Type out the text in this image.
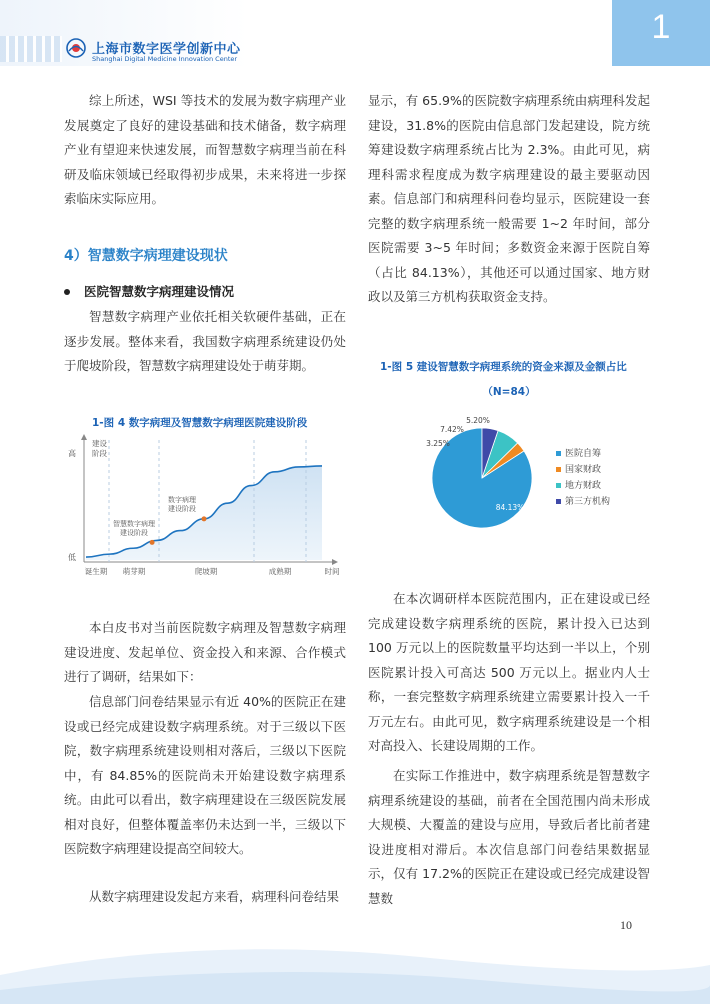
上海市数字医学创新中心
Shanghai Digital Medicine Innovation Center
1

综上所述，WSI 等技术的发展为数字病理产业发展奠定了良好的建设基础和技术储备，数字病理产业有望迎来快速发展，而智慧数字病理当前在科研及临床领域已经取得初步成果，未来将进一步探索临床实际应用。

4）智慧数字病理建设现状
医院智慧数字病理建设情况

智慧数字病理产业依托相关软硬件基础，正在逐步发展。整体来看，我国数字病理系统建设仍处于爬坡阶段，智慧数字病理建设处于萌芽期。

1-图 4 数字病理及智慧数字病理医院建设阶段
高
低
建设阶段
诞生期 萌芽期	爬坡期	成熟期	时间
数字病理建设阶段
智慧数字病理建设阶段

本白皮书对当前医院数字病理及智慧数字病理建设进度、发起单位、资金投入和来源、合作模式进行了调研，结果如下：

信息部门问卷结果显示有近 40%的医院正在建设或已经完成建设数字病理系统。对于三级以下医院，数字病理系统建设则相对落后，三级以下医院中，有 84.85%的医院尚未开始建设数字病理系统。由此可以看出，数字病理建设在三级医院发展相对良好，但整体覆盖率仍未达到一半，三级以下医院数字病理建设提高空间较大。

从数字病理建设发起方来看，病理科问卷结果

显示，有 65.9%的医院数字病理系统由病理科发起建设，31.8%的医院由信息部门发起建设，院方统筹建设数字病理系统占比为 2.3%。由此可见，病理科需求程度成为数字病理建设的最主要驱动因素。信息部门和病理科问卷均显示，医院建设一套完整的数字病理系统一般需要 1~2 年时间，部分医院需要 3~5 年时间；多数资金来源于医院自筹（占比 84.13%），其他还可以通过国家、地方财政以及第三方机构获取资金支持。

1-图 5 建设智慧数字病理系统的资金来源及金额占比
（N=84）
84.13%
3.25%
7.42%
5.20%
医院自筹
国家财政
地方财政
第三方机构

在本次调研样本医院范围内，正在建设或已经完成建设数字病理系统的医院，累计投入已达到 100 万元以上的医院数量平均达到一半以上，个别医院累计投入可高达 500 万元以上。据业内人士称，一套完整数字病理系统建立需要累计投入一千万元左右。由此可见，数字病理系统建设是一个相对高投入、长建设周期的工作。

在实际工作推进中，数字病理系统是智慧数字病理系统建设的基础，前者在全国范围内尚未形成大规模、大覆盖的建设与应用，导致后者比前者建设进度相对滞后。本次信息部门问卷结果数据显示，仅有 17.2%的医院正在建设或已经完成建设智慧数

10
